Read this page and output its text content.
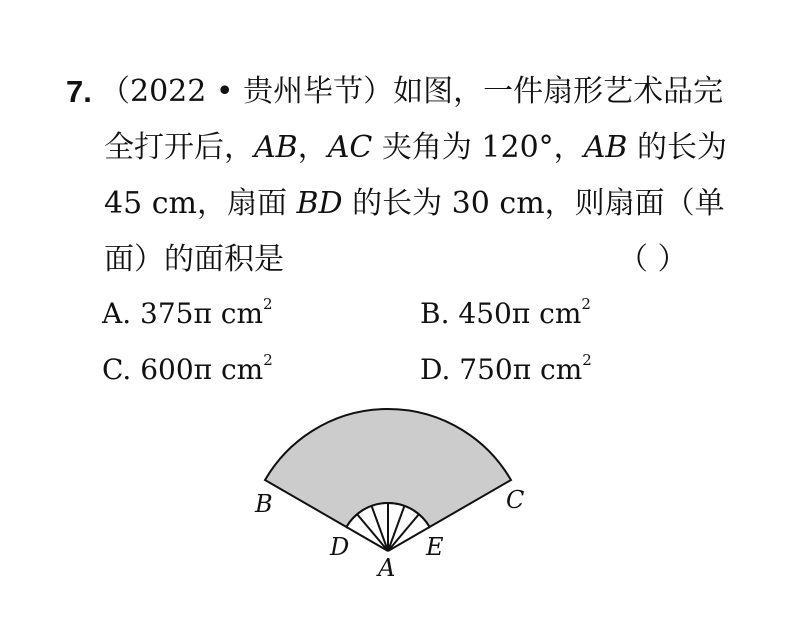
7. （2022 • 贵州毕节）如图，一件扇形艺术品完
全打开后，AB，AC 夹角为 120°，AB 的长为
45 cm，扇面 BD 的长为 30 cm，则扇面（单
面）的面积是	（ ）
A. 375π $cm^2$	B. 450π $cm^2$
C. 600π $cm^2$	D. 750π $cm^2$
B	C
D	E
A
